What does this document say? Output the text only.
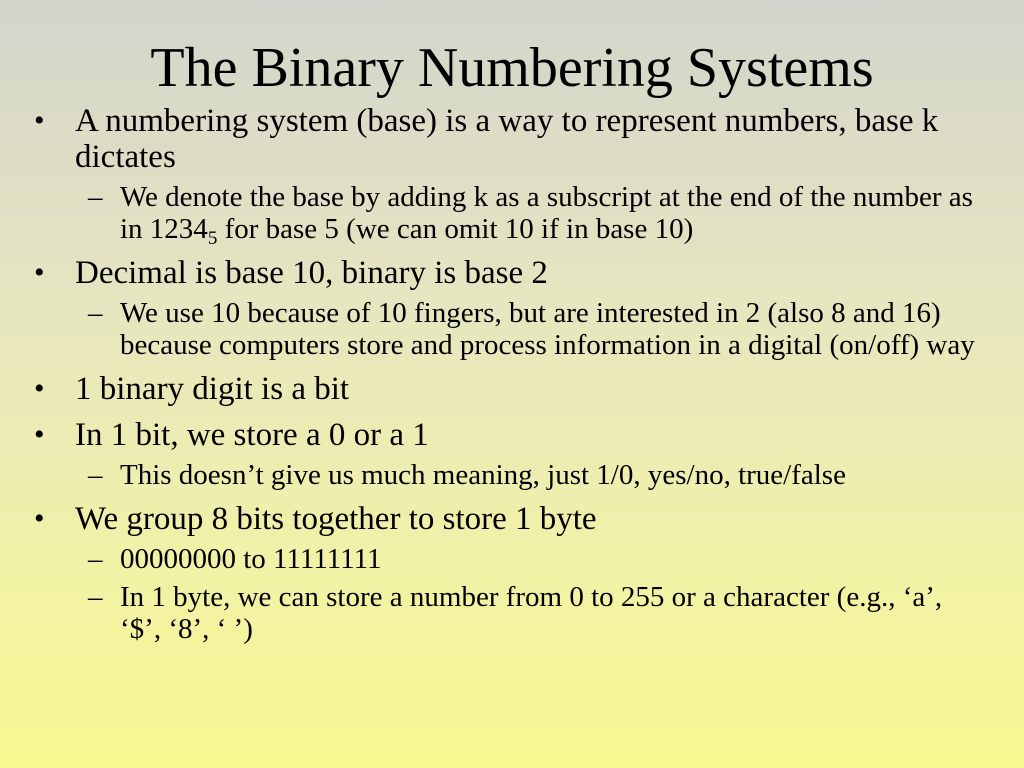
The Binary Numbering Systems
• A numbering system (base) is a way to represent numbers, base k dictates
– We denote the base by adding k as a subscript at the end of the number as in $1234_5$ for base 5 (we can omit 10 if in base 10)
• Decimal is base 10, binary is base 2
– We use 10 because of 10 fingers, but are interested in 2 (also 8 and 16) because computers store and process information in a digital (on/off) way
• 1 binary digit is a bit
• In 1 bit, we store a 0 or a 1
– This doesn’t give us much meaning, just 1/0, yes/no, true/false
• We group 8 bits together to store 1 byte
– 00000000 to 11111111
– In 1 byte, we can store a number from 0 to 255 or a character (e.g., ‘a’, ‘$’, ‘8’, ‘ ’)
